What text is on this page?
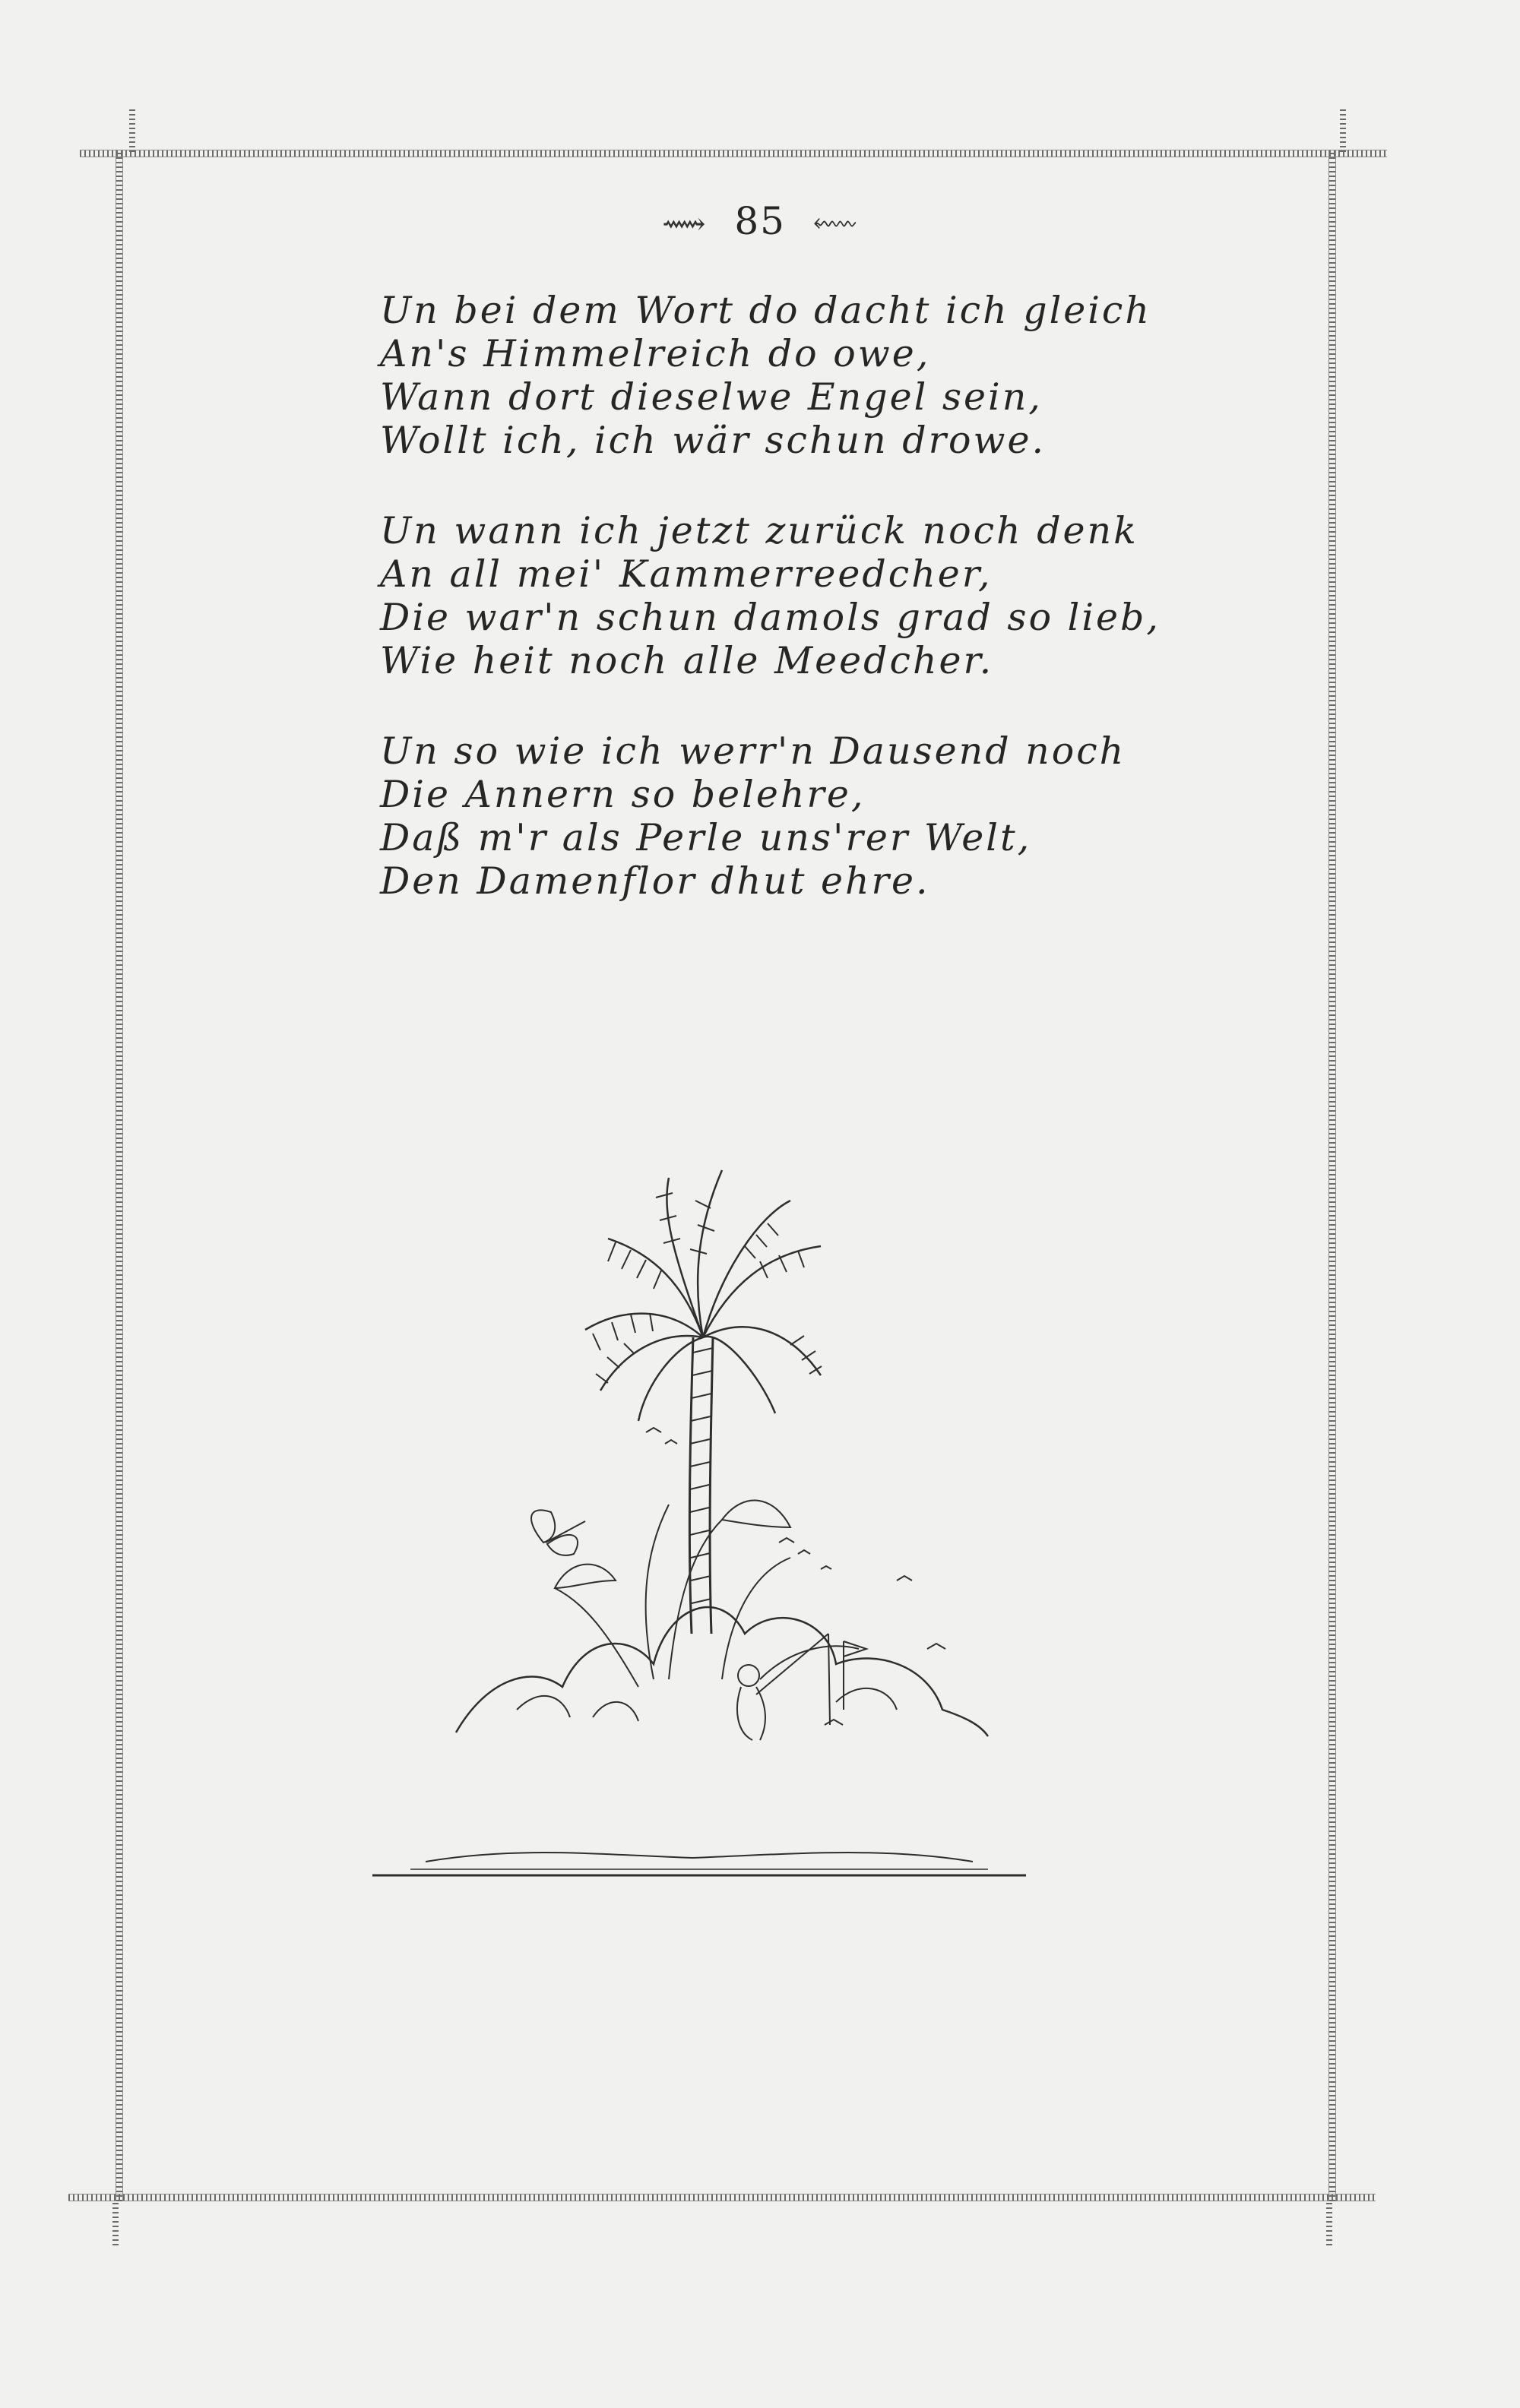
⟿ 85 ⬳
Un bei dem Wort do dacht ich gleich
An's Himmelreich do owe,
Wann dort dieselwe Engel sein,
Wollt ich, ich wär schun drowe.
Un wann ich jetzt zurück noch denk
An all mei' Kammerreedcher,
Die war'n schun damols grad so lieb,
Wie heit noch alle Meedcher.
Un so wie ich werr'n Dausend noch
Die Annern so belehre,
Daß m'r als Perle uns'rer Welt,
Den Damenflor dhut ehre.
